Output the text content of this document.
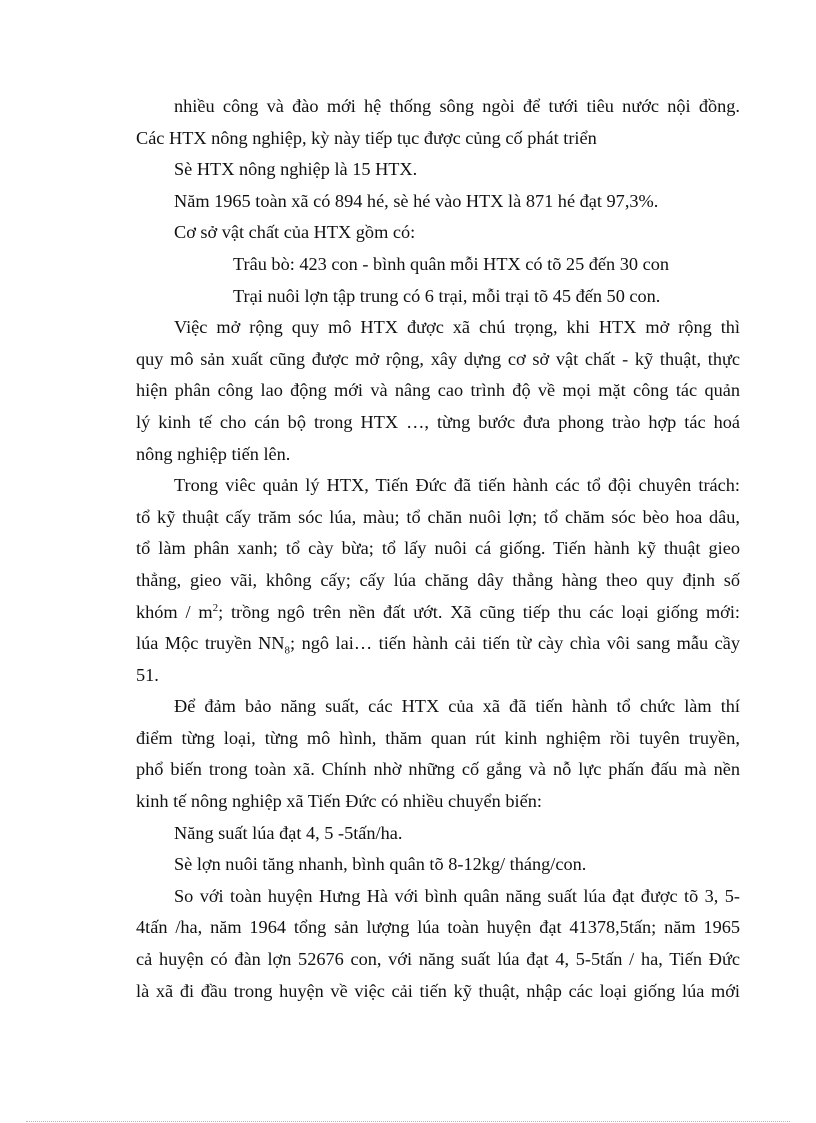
nhiều công và đào mới hệ thống sông ngòi để tưới tiêu nước nội đồng.
Các HTX nông nghiệp, kỳ này tiếp tục được củng cố phát triển

Sè HTX nông nghiệp là 15 HTX.

Năm 1965 toàn xã có 894 hé, sè hé vào HTX là 871 hé đạt 97,3%.

Cơ sở vật chất của HTX gồm có:

Trâu bò: 423 con - bình quân mỗi HTX có tõ 25 đến 30 con

Trại nuôi lợn tập trung có 6 trại, mỗi trại tõ 45 đến 50 con.

Việc mở rộng quy mô HTX được xã chú trọng, khi HTX mở rộng thì
quy mô sản xuất cũng được mở rộng, xây dựng cơ sở vật chất - kỹ thuật, thực
hiện phân công lao động mới và nâng cao trình độ về mọi mặt công tác quản
lý kinh tế cho cán bộ trong HTX …, từng bước đưa phong trào hợp tác hoá
nông nghiệp tiến lên.

Trong viêc quản lý HTX, Tiến Đức đã tiến hành các tổ đội chuyên trách:
tổ kỹ thuật cấy trăm sóc lúa, màu; tổ chăn nuôi lợn; tổ chăm sóc bèo hoa dâu,
tổ làm phân xanh; tổ cày bừa; tổ lấy nuôi cá giống. Tiến hành kỹ thuật gieo
thẳng, gieo vãi, không cấy; cấy lúa chăng dây thẳng hàng theo quy định số
khóm / $m^2$; trồng ngô trên nền đất ướt. Xã cũng tiếp thu các loại giống mới:
lúa Mộc truyền $NN_8$; ngô lai… tiến hành cải tiến từ cày chìa vôi sang mẫu cầy
51.

Để đảm bảo năng suất, các HTX của xã đã tiến hành tổ chức làm thí
điểm từng loại, từng mô hình, thăm quan rút kinh nghiệm rồi tuyên truyền,
phổ biến trong toàn xã. Chính nhờ những cố gắng và nỗ lực phấn đấu mà nền
kinh tế nông nghiệp xã Tiến Đức có nhiều chuyển biến:

Năng suất lúa đạt 4, 5 -5tấn/ha.

Sè lợn nuôi tăng nhanh, bình quân tõ 8-12kg/ tháng/con.

So với toàn huyện Hưng Hà với bình quân năng suất lúa đạt được tõ 3, 5-
4tấn /ha, năm 1964 tổng sản lượng lúa toàn huyện đạt 41378,5tấn; năm 1965
cả huyện có đàn lợn 52676 con, với năng suất lúa đạt 4, 5-5tấn / ha, Tiến Đức
là xã đi đầu trong huyện về việc cải tiến kỹ thuật, nhập các loại giống lúa mới
